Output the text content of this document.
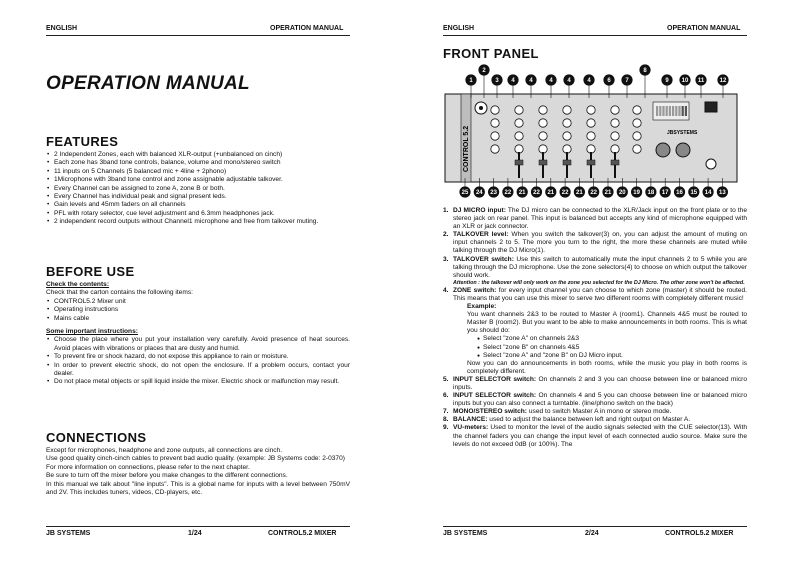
ENGLISH	OPERATION MANUAL
OPERATION MANUAL
FEATURES
• 2 Independent Zones, each with balanced XLR-output (+unbalanced on cinch)
• Each zone has 3band tone controls, balance, volume and mono/stereo switch
• 11 inputs on 5 Channels (5 balanced mic + 4line + 2phono)
• 1Microphone with 3band tone control and zone assignable adjustable talkover.
• Every Channel can be assigned to zone A, zone B or both.
• Every Channel has individual peak and signal present leds.
• Gain levels and 45mm faders on all channels
• PFL with rotary selector, cue level adjustment and 6.3mm headphones jack.
• 2 independent record outputs without Channel1 microphone and free from talkover muting.
BEFORE USE
Check the contents:
Check that the carton contains the following items:
• CONTROL5.2 Mixer unit
• Operating instructions
• Mains cable
Some important instructions:
• Choose the place where you put your installation very carefully. Avoid presence of heat sources. Avoid places with vibrations or places that are dusty and humid.
• To prevent fire or shock hazard, do not expose this appliance to rain or moisture.
• In order to prevent electric shock, do not open the enclosure. If a problem occurs, contact your dealer.
• Do not place metal objects or spill liquid inside the mixer. Electric shock or malfunction may result.
CONNECTIONS
Except for microphones, headphone and zone outputs, all connections are cinch.
Use good quality cinch-cinch cables to prevent bad audio quality. (example: JB Systems code: 2-0370)
For more information on connections, please refer to the next chapter.
Be sure to turn off the mixer before you make changes to the different connections.
In this manual we talk about "line inputs". This is a global name for inputs with a level between 750mV and 2V. This includes tuners, videos, CD-players, etc.
JB SYSTEMS	1/24	CONTROL5.2 MIXER
ENGLISH	OPERATION MANUAL
FRONT PANEL
CONTROL 5.2	JBSYSTEMS
1
2
3 4 4	4 4	4	6 7
8
9 10 11	12
25 24 23 22 21 22 21 22 21 22 21 20 19 18 17 16 15 14 13
1. DJ MICRO input: The DJ micro can be connected to the XLR/Jack input on the front plate or to the stereo jack on rear panel. This input is balanced but accepts any kind of microphone equipped with an XLR or jack connector.
2. TALKOVER level: When you switch the talkover(3) on, you can adjust the amount of muting on input channels 2 to 5. The more you turn to the right, the more these channels are muted while talking through the DJ Micro(1).
3. TALKOVER switch: Use this switch to automatically mute the input channels 2 to 5 while you are talking through the DJ microphone. Use the zone selectors(4) to choose on which output the talkover should work.
Attention : the talkover will only work on the zone you selected for the DJ Micro. The other zone won't be affected.
4. ZONE switch: for every input channel you can choose to which zone (master) it should be routed. This means that you can use this mixer to serve two different rooms with completely different music!
Example:
You want channels 2&3 to be routed to Master A (room1). Channels 4&5 must be routed to Master B (room2). But you want to be able to make announcements in both rooms. This is what you should do:
● Select "zone A" on channels 2&3
● Select "zone B" on channels 4&5
● Select "zone A" and "zone B" on DJ Micro input.
Now you can do announcements in both rooms, while the music you play in both rooms is completely different.
5. INPUT SELECTOR switch: On channels 2 and 3 you can choose between line or balanced micro inputs.
6. INPUT SELECTOR switch: On channels 4 and 5 you can choose between line or balanced micro inputs but you can also connect a turntable. (line/phono switch on the back)
7. MONO/STEREO switch: used to switch Master A in mono or stereo mode.
8. BALANCE: used to adjust the balance between left and right output on Master A.
9. VU-meters: Used to monitor the level of the audio signals selected with the CUE selector(13). With the channel faders you can change the input level of each connected audio source. Make sure the levels do not exceed 0dB (or 100%). The
JB SYSTEMS	2/24	CONTROL5.2 MIXER
